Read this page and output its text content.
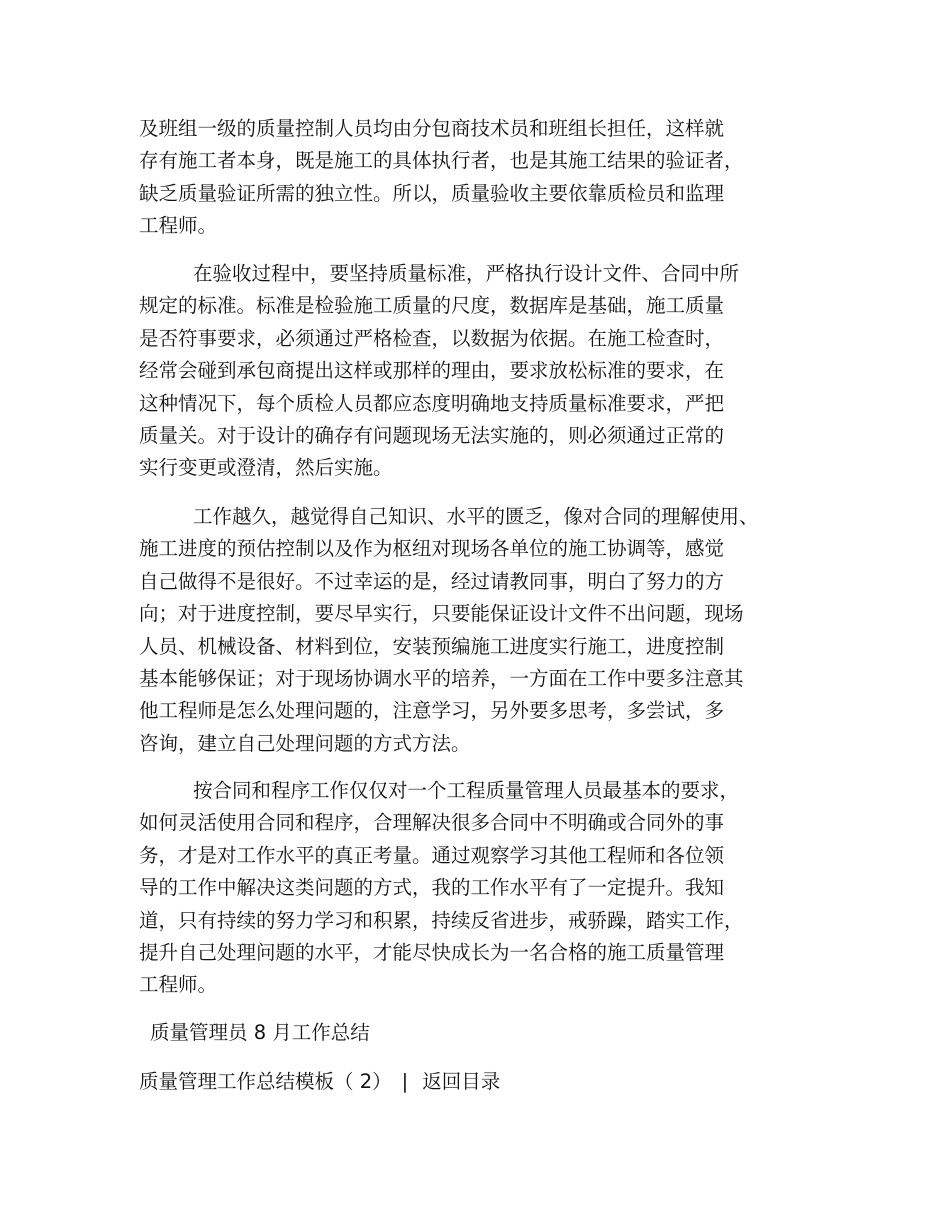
及班组一级的质量控制人员均由分包商技术员和班组长担任，这样就
存有施工者本身，既是施工的具体执行者，也是其施工结果的验证者，
缺乏质量验证所需的独立性。所以，质量验收主要依靠质检员和监理
工程师。
在验收过程中，要坚持质量标准，严格执行设计文件、合同中所
规定的标准。标准是检验施工质量的尺度，数据库是基础，施工质量
是否符事要求，必须通过严格检查，以数据为依据。在施工检查时，
经常会碰到承包商提出这样或那样的理由，要求放松标准的要求，在
这种情况下，每个质检人员都应态度明确地支持质量标准要求，严把
质量关。对于设计的确存有问题现场无法实施的，则必须通过正常的
实行变更或澄清，然后实施。
工作越久，越觉得自己知识、水平的匮乏，像对合同的理解使用、
施工进度的预估控制以及作为枢纽对现场各单位的施工协调等，感觉
自己做得不是很好。不过幸运的是，经过请教同事，明白了努力的方
向；对于进度控制，要尽早实行，只要能保证设计文件不出问题，现场
人员、机械设备、材料到位，安装预编施工进度实行施工，进度控制
基本能够保证；对于现场协调水平的培养，一方面在工作中要多注意其
他工程师是怎么处理问题的，注意学习，另外要多思考，多尝试，多
咨询，建立自己处理问题的方式方法。
按合同和程序工作仅仅对一个工程质量管理人员最基本的要求，
如何灵活使用合同和程序，合理解决很多合同中不明确或合同外的事
务，才是对工作水平的真正考量。通过观察学习其他工程师和各位领
导的工作中解决这类问题的方式，我的工作水平有了一定提升。我知
道，只有持续的努力学习和积累，持续反省进步，戒骄躁，踏实工作，
提升自己处理问题的水平，才能尽快成长为一名合格的施工质量管理
工程师。
质量管理员 8 月工作总结
质量管理工作总结模板（ 2） | 返回目录
